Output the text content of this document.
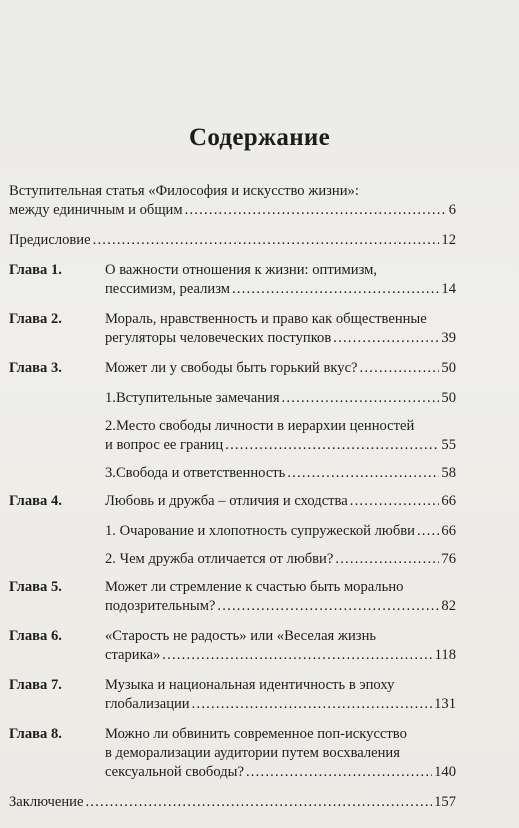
Содержание
Вступительная статья «Философия и искусство жизни»:
между единичным и общим .....	6
Предисловие .....	12
Глава 1.	О важности отношения к жизни: оптимизм,
пессимизм, реализм .....	14
Глава 2.	Мораль, нравственность и право как общественные
регуляторы человеческих поступков .....	39
Глава 3.	Может ли у свободы быть горький вкус? .....	50
1.Вступительные замечания .....	50
2.Место свободы личности в иерархии ценностей
и вопрос ее границ .....	55
3.Свобода и ответственность .....	58
Глава 4.	Любовь и дружба – отличия и сходства .....	66
1. Очарование и хлопотность супружеской любви ..... 66
2. Чем дружба отличается от любви? .....	76
Глава 5.	Может ли стремление к счастью быть морально
подозрительным? .....	82
Глава 6.	«Старость не радость» или «Веселая жизнь
старика» .....	118
Глава 7.	Музыка и национальная идентичность в эпоху
глобализации .....	131
Глава 8.	Можно ли обвинить современное поп-искусство
в деморализации аудитории путем восхваления
сексуальной свободы? .....	140
Заключение .....	157
